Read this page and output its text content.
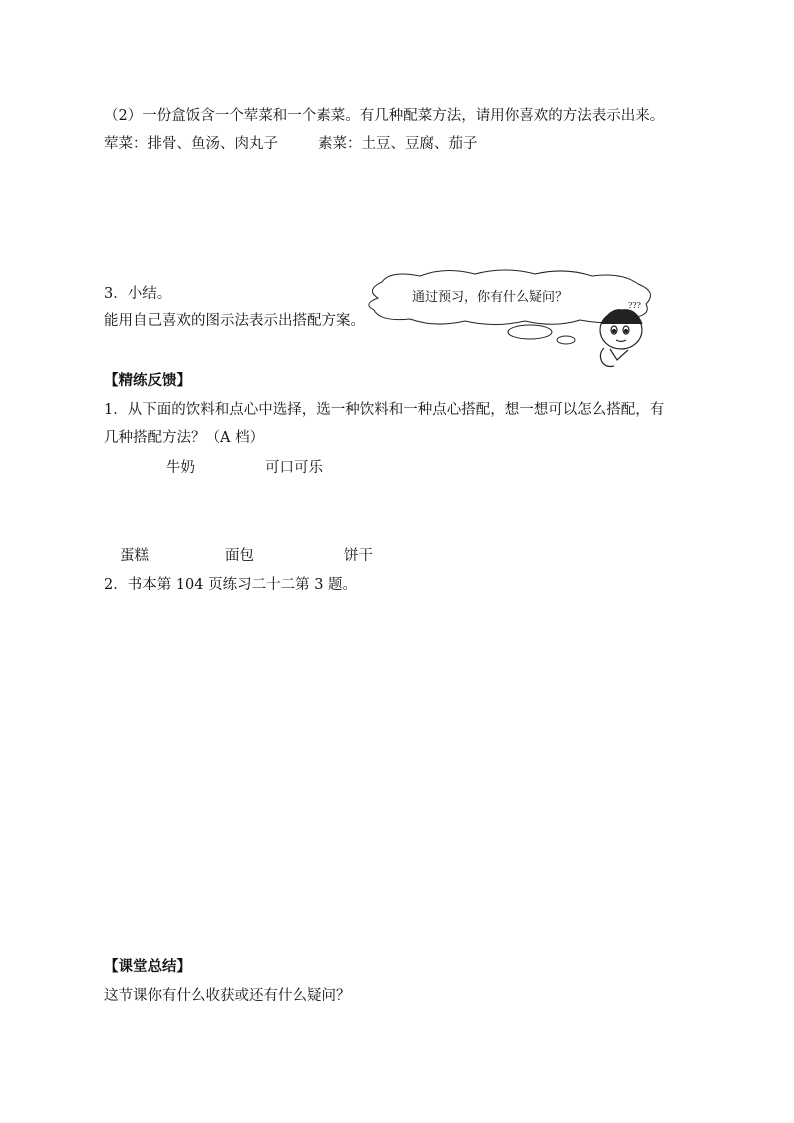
（2）一份盒饭含一个荤菜和一个素菜。有几种配菜方法，请用你喜欢的方法表示出来。
荤菜：排骨、鱼汤、肉丸子	素菜：土豆、豆腐、茄子
3．小结。
能用自己喜欢的图示法表示出搭配方案。
???
通过预习，你有什么疑问？
【精练反馈】
1．从下面的饮料和点心中选择，选一种饮料和一种点心搭配，想一想可以怎么搭配，有
几种搭配方法？（A 档）
牛奶	可口可乐
蛋糕	面包	饼干
2．书本第 104 页练习二十二第 3 题。
【课堂总结】
这节课你有什么收获或还有什么疑问？
